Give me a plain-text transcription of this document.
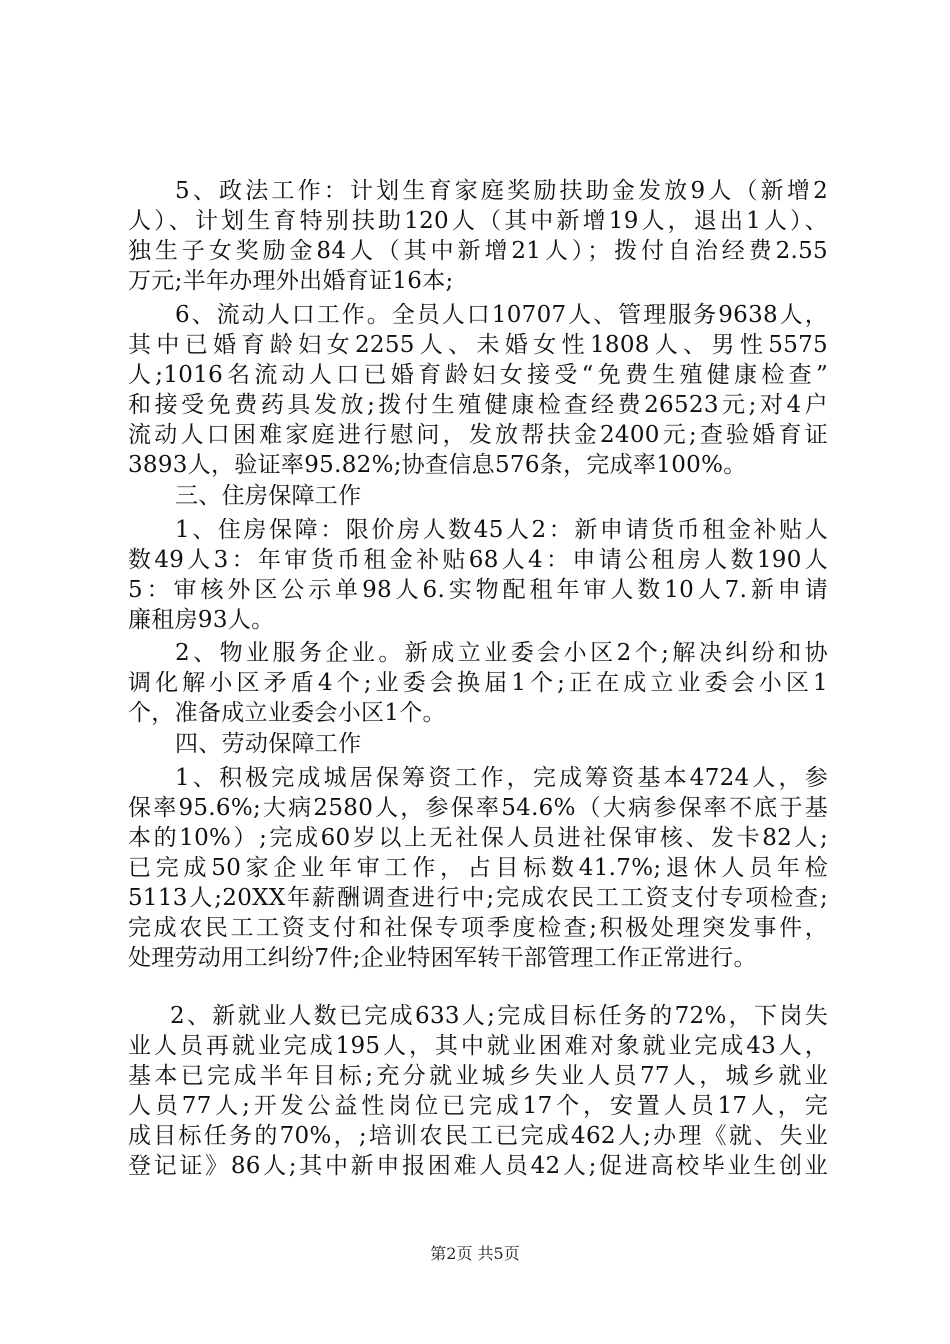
5、政法工作：计划生育家庭奖励扶助金发放9人（新增2
人）、计划生育特别扶助120人（其中新增19人，退出1人）、
独生子女奖励金84人（其中新增21人）；拨付自治经费2.55
万元;半年办理外出婚育证16本;
6、流动人口工作。全员人口10707人、管理服务9638人，
其中已婚育龄妇女2255人、未婚女性1808人、男性5575
人;1016名流动人口已婚育龄妇女接受“免费生殖健康检查”
和接受免费药具发放;拨付生殖健康检查经费26523元;对4户
流动人口困难家庭进行慰问，发放帮扶金2400元;查验婚育证
3893人，验证率95.82%;协查信息576条，完成率100%。
三、住房保障工作
1、住房保障：限价房人数45人2：新申请货币租金补贴人
数49人3：年审货币租金补贴68人4：申请公租房人数190人
5：审核外区公示单98人6.实物配租年审人数10人7.新申请
廉租房93人。
2、物业服务企业。新成立业委会小区2个;解决纠纷和协
调化解小区矛盾4个;业委会换届1个;正在成立业委会小区1
个，准备成立业委会小区1个。
四、劳动保障工作
1、积极完成城居保筹资工作，完成筹资基本4724人，参
保率95.6%;大病2580人，参保率54.6%（大病参保率不底于基
本的10%）;完成60岁以上无社保人员进社保审核、发卡82人;
已完成50家企业年审工作，占目标数41.7%;退休人员年检
5113人;20XX年薪酬调查进行中;完成农民工工资支付专项检查;
完成农民工工资支付和社保专项季度检查;积极处理突发事件，
处理劳动用工纠纷7件;企业特困军转干部管理工作正常进行。
2、新就业人数已完成633人;完成目标任务的72%，下岗失
业人员再就业完成195人，其中就业困难对象就业完成43人，
基本已完成半年目标;充分就业城乡失业人员77人，城乡就业
人员77人;开发公益性岗位已完成17个，安置人员17人，完
成目标任务的70%，;培训农民工已完成462人;办理《就、失业
登记证》86人;其中新申报困难人员42人;促进高校毕业生创业
第2页 共5页
